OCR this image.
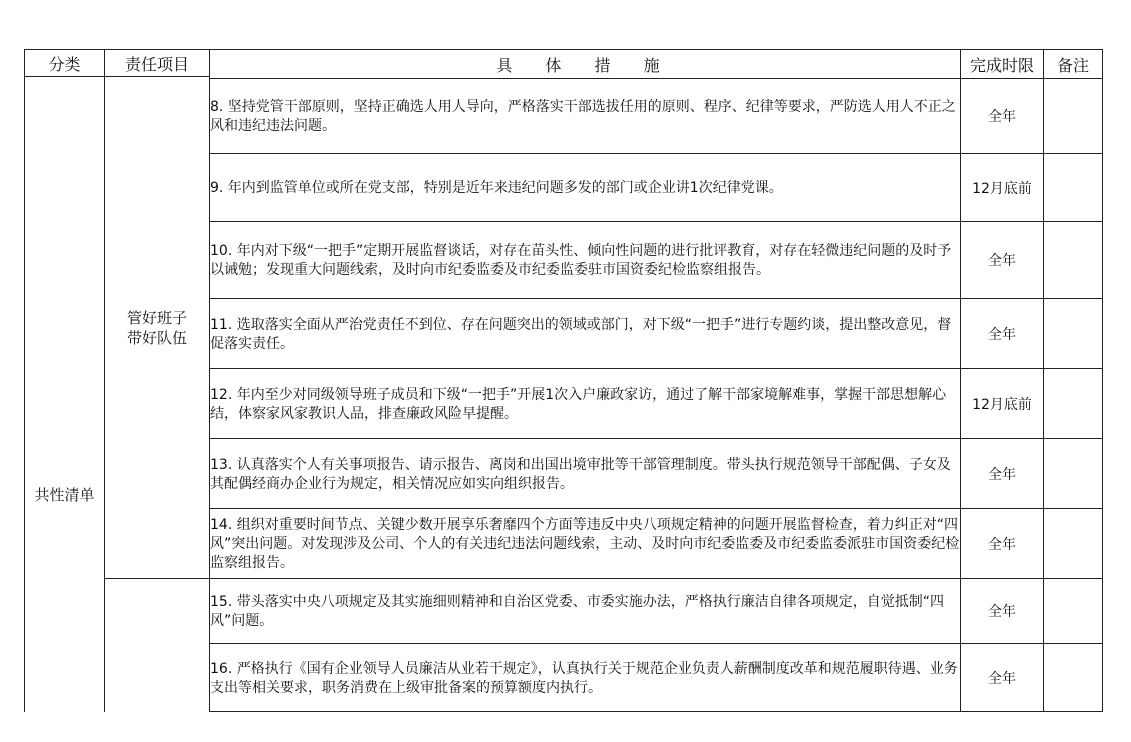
分类	责任项目	具 体 措 施	完成时限	备注
共性清单	管好班子
带好队伍			

		8. 坚持党管干部原则，坚持正确选人用人导向，严格落实干部选拔任用的原则、程序、纪律等要求，严防选人用人不正之风和违纪违法问题。	全年	

		9. 年内到监管单位或所在党支部，特别是近年来违纪问题多发的部门或企业讲1次纪律党课。	12月底前	

		10. 年内对下级“一把手”定期开展监督谈话，对存在苗头性、倾向性问题的进行批评教育，对存在轻微违纪问题的及时予以诫勉；发现重大问题线索，及时向市纪委监委及市纪委监委驻市国资委纪检监察组报告。	全年	

		11. 选取落实全面从严治党责任不到位、存在问题突出的领域或部门，对下级“一把手”进行专题约谈，提出整改意见，督促落实责任。	全年	

		12. 年内至少对同级领导班子成员和下级“一把手”开展1次入户廉政家访，通过了解干部家境解难事，掌握干部思想解心结，体察家风家教识人品，排查廉政风险早提醒。	12月底前	

		13. 认真落实个人有关事项报告、请示报告、离岗和出国出境审批等干部管理制度。带头执行规范领导干部配偶、子女及其配偶经商办企业行为规定，相关情况应如实向组织报告。	全年	

		14. 组织对重要时间节点、关键少数开展享乐奢靡四个方面等违反中央八项规定精神的问题开展监督检查，着力纠正对“四风”突出问题。对发现涉及公司、个人的有关违纪违法问题线索，主动、及时向市纪委监委及市纪委监委派驻市国资委纪检监察组报告。	全年	

		15. 带头落实中央八项规定及其实施细则精神和自治区党委、市委实施办法，严格执行廉洁自律各项规定，自觉抵制“四风”问题。	全年	

		16. 严格执行《国有企业领导人员廉洁从业若干规定》，认真执行关于规范企业负责人薪酬制度改革和规范履职待遇、业务支出等相关要求，职务消费在上级审批备案的预算额度内执行。	全年	
